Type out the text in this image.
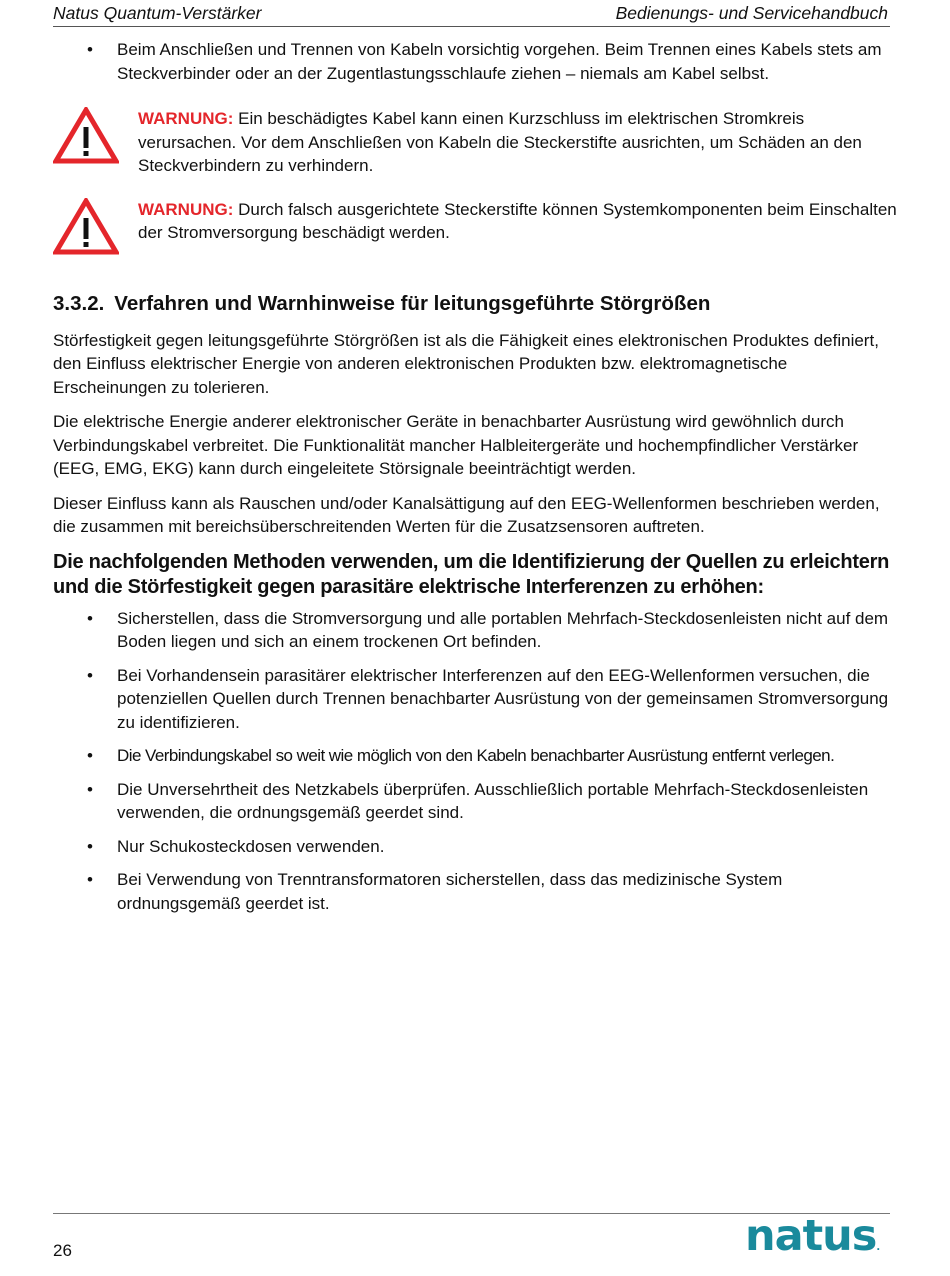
Natus Quantum-Verstärker	Bedienungs- und Servicehandbuch
• Beim Anschließen und Trennen von Kabeln vorsichtig vorgehen. Beim Trennen eines Kabels stets am Steckverbinder oder an der Zugentlastungsschlaufe ziehen – niemals am Kabel selbst.

WARNUNG: Ein beschädigtes Kabel kann einen Kurzschluss im elektrischen Stromkreis verursachen. Vor dem Anschließen von Kabeln die Steckerstifte ausrichten, um Schäden an den Steckverbindern zu verhindern.

WARNUNG: Durch falsch ausgerichtete Steckerstifte können Systemkomponenten beim Einschalten der Stromversorgung beschädigt werden.

3.3.2. Verfahren und Warnhinweise für leitungsgeführte Störgrößen

Störfestigkeit gegen leitungsgeführte Störgrößen ist als die Fähigkeit eines elektronischen Produktes definiert, den Einfluss elektrischer Energie von anderen elektronischen Produkten bzw. elektromagnetische Erscheinungen zu tolerieren.

Die elektrische Energie anderer elektronischer Geräte in benachbarter Ausrüstung wird gewöhnlich durch Verbindungskabel verbreitet. Die Funktionalität mancher Halbleitergeräte und hochempfindlicher Verstärker (EEG, EMG, EKG) kann durch eingeleitete Störsignale beeinträchtigt werden.

Dieser Einfluss kann als Rauschen und/oder Kanalsättigung auf den EEG-Wellenformen beschrieben werden, die zusammen mit bereichsüberschreitenden Werten für die Zusatzsensoren auftreten.

Die nachfolgenden Methoden verwenden, um die Identifizierung der Quellen zu erleichtern und die Störfestigkeit gegen parasitäre elektrische Interferenzen zu erhöhen:
• Sicherstellen, dass die Stromversorgung und alle portablen Mehrfach-Steckdosenleisten nicht auf dem Boden liegen und sich an einem trockenen Ort befinden.
• Bei Vorhandensein parasitärer elektrischer Interferenzen auf den EEG-Wellenformen versuchen, die potenziellen Quellen durch Trennen benachbarter Ausrüstung von der gemeinsamen Stromversorgung zu identifizieren.
• Die Verbindungskabel so weit wie möglich von den Kabeln benachbarter Ausrüstung entfernt verlegen.
• Die Unversehrtheit des Netzkabels überprüfen. Ausschließlich portable Mehrfach-Steckdosenleisten verwenden, die ordnungsgemäß geerdet sind.
• Nur Schukosteckdosen verwenden.
• Bei Verwendung von Trenntransformatoren sicherstellen, dass das medizinische System ordnungsgemäß geerdet ist.
26	natus.
